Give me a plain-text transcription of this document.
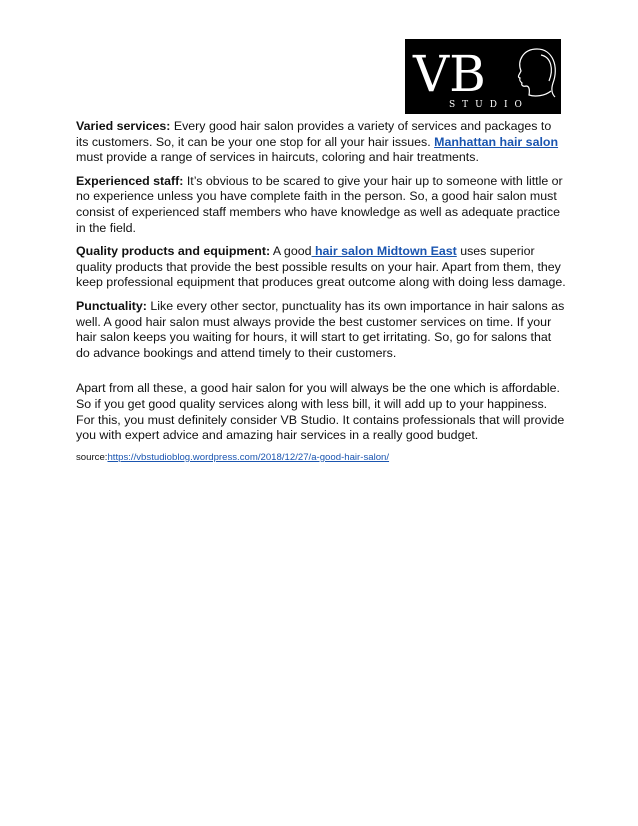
VB
STUDIO

Varied services: Every good hair salon provides a variety of services and packages to its customers. So, it can be your one stop for all your hair issues. Manhattan hair salon must provide a range of services in haircuts, coloring and hair treatments.

Experienced staff: It’s obvious to be scared to give your hair up to someone with little or no experience unless you have complete faith in the person. So, a good hair salon must consist of experienced staff members who have knowledge as well as adequate practice in the field.

Quality products and equipment: A good hair salon Midtown East uses superior quality products that provide the best possible results on your hair. Apart from them, they keep professional equipment that produces great outcome along with doing less damage.

Punctuality: Like every other sector, punctuality has its own importance in hair salons as well. A good hair salon must always provide the best customer services on time. If your hair salon keeps you waiting for hours, it will start to get irritating. So, go for salons that do advance bookings and attend timely to their customers.

Apart from all these, a good hair salon for you will always be the one which is affordable. So if you get good quality services along with less bill, it will add up to your happiness. For this, you must definitely consider VB Studio. It contains professionals that will provide you with expert advice and amazing hair services in a really good budget.

source:https://vbstudioblog.wordpress.com/2018/12/27/a-good-hair-salon/
